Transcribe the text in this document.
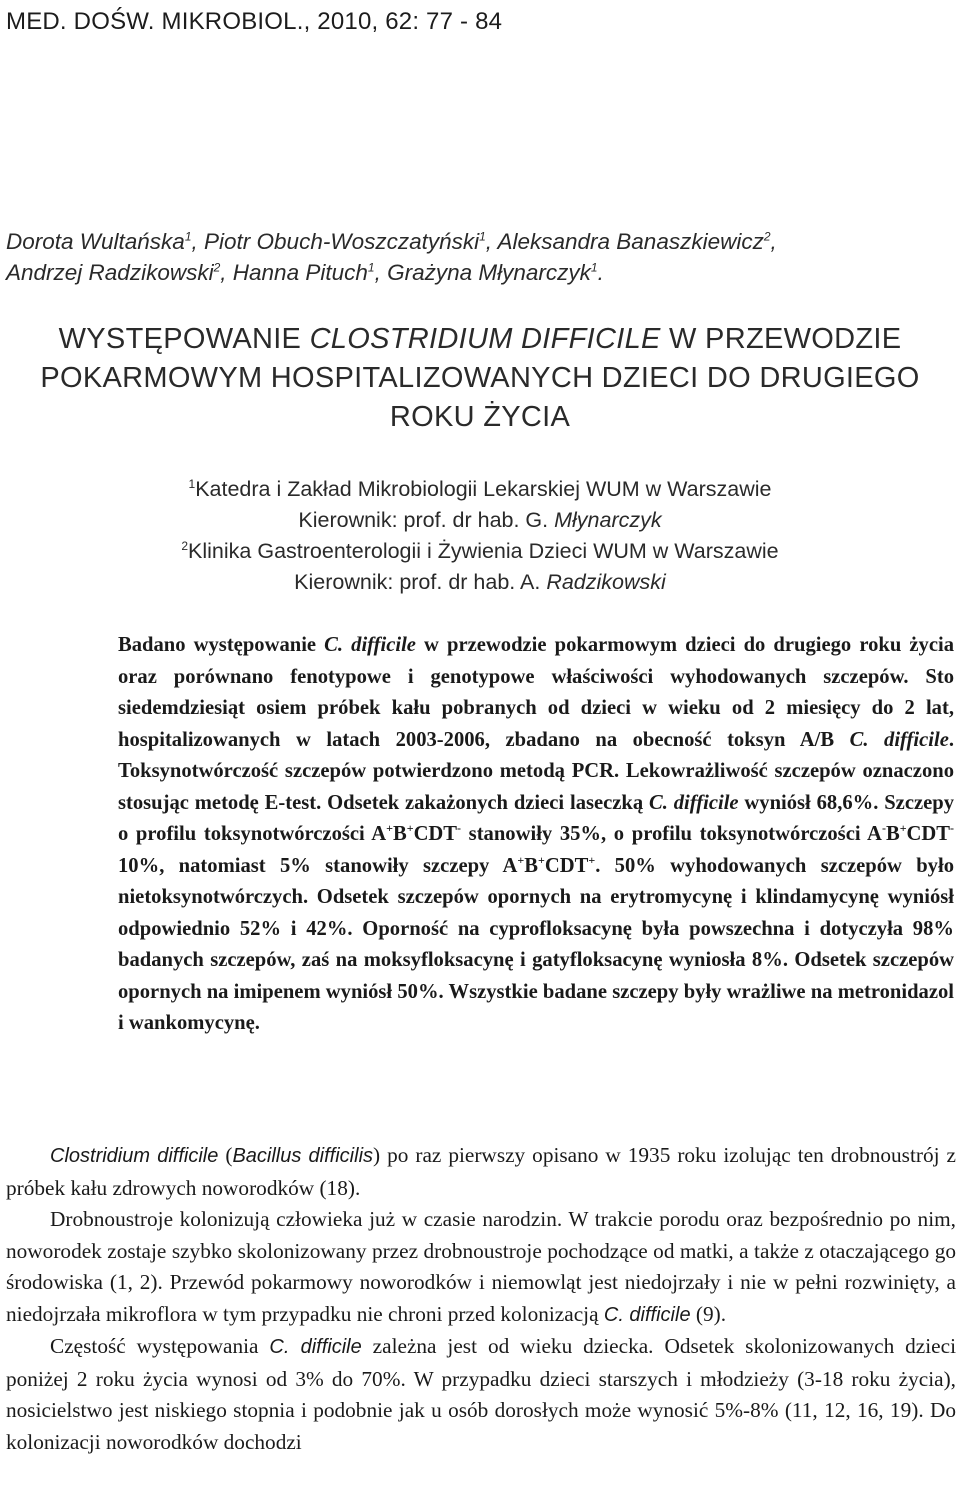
MED. DOŚW. MIKROBIOL., 2010, 62: 77 - 84
Dorota Wultańska$^1$, Piotr Obuch-Woszczatyński$^1$, Aleksandra Banaszkiewicz$^2$,
Andrzej Radzikowski$^2$, Hanna Pituch$^1$, Grażyna Młynarczyk$^1$.
WYSTĘPOWANIE CLOSTRIDIUM DIFFICILE W PRZEWODZIE
POKARMOWYM HOSPITALIZOWANYCH DZIECI DO DRUGIEGO
ROKU ŻYCIA
$^1$Katedra i Zakład Mikrobiologii Lekarskiej WUM w Warszawie
Kierownik: prof. dr hab. G. Młynarczyk
$^2$Klinika Gastroenterologii i Żywienia Dzieci WUM w Warszawie
Kierownik: prof. dr hab. A. Radzikowski
Badano występowanie C. difficile w przewodzie pokarmowym dzieci do drugiego roku życia oraz porównano fenotypowe i genotypowe właściwości wyhodowanych szczepów. Sto siedemdziesiąt osiem próbek kału pobranych od dzieci w wieku od 2 miesięcy do 2 lat, hospitalizowanych w latach 2003-2006, zbadano na obecność toksyn A/B C. difficile. Toksynotwórczość szczepów potwierdzono metodą PCR. Lekowrażliwość szczepów oznaczono stosując metodę E-test. Odsetek zakażonych dzieci laseczką C. difficile wyniósł 68,6%. Szczepy o profilu toksynotwórczości A+B+CDT- stanowiły 35%, o profilu toksynotwórczości A-B+CDT- 10%, natomiast 5% stanowiły szczepy A+B+CDT+. 50% wyhodowanych szczepów było nietoksynotwórczych. Odsetek szczepów opornych na erytromycynę i klindamycynę wyniósł odpowiednio 52% i 42%. Oporność na cyprofloksacynę była powszechna i dotyczyła 98% badanych szczepów, zaś na moksyfloksacynę i gatyfloksacynę wyniosła 8%. Odsetek szczepów opornych na imipenem wyniósł 50%. Wszystkie badane szczepy były wrażliwe na metronidazol i wankomycynę.

Clostridium difficile (Bacillus difficilis) po raz pierwszy opisano w 1935 roku izolując ten drobnoustrój z próbek kału zdrowych noworodków (18).

Drobnoustroje kolonizują człowieka już w czasie narodzin. W trakcie porodu oraz bezpośrednio po nim, noworodek zostaje szybko skolonizowany przez drobnoustroje pochodzące od matki, a także z otaczającego go środowiska (1, 2). Przewód pokarmowy noworodków i niemowląt jest niedojrzały i nie w pełni rozwinięty, a niedojrzała mikroflora w tym przypadku nie chroni przed kolonizacją C. difficile (9).

Częstość występowania C. difficile zależna jest od wieku dziecka. Odsetek skolonizowanych dzieci poniżej 2 roku życia wynosi od 3% do 70%. W przypadku dzieci starszych i młodzieży (3-18 roku życia), nosicielstwo jest niskiego stopnia i podobnie jak u osób dorosłych może wynosić 5%-8% (11, 12, 16, 19). Do kolonizacji noworodków dochodzi
